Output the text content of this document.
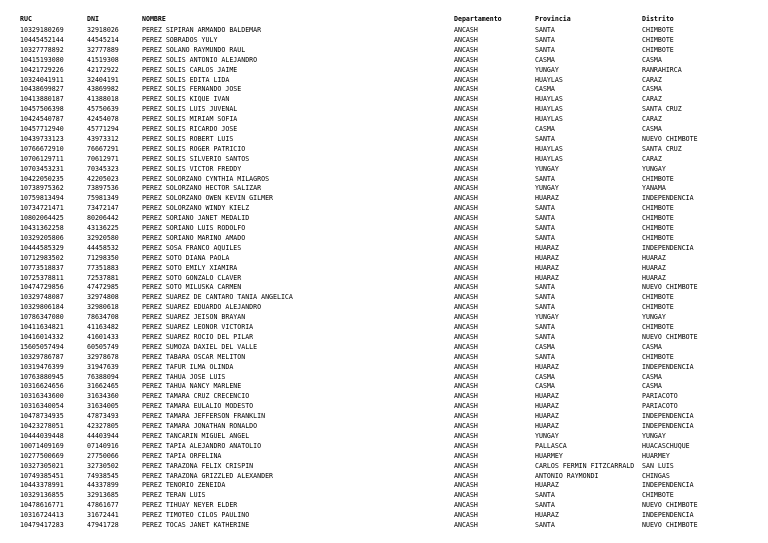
RUC	DNI	NOMBRE	Departamento	Provincia	Distrito
10329180269	32918026	PEREZ SIPIRAN ARMANDO BALDEMAR	ANCASH	SANTA	CHIMBOTE
10445452144	44545214	PEREZ SOBRADOS YULY	ANCASH	SANTA	CHIMBOTE
10327778892	32777889	PEREZ SOLANO RAYMUNDO RAUL	ANCASH	SANTA	CHIMBOTE
10415193080	41519308	PEREZ SOLIS ANTONIO ALEJANDRO	ANCASH	CASMA	CASMA
10421729226	42172922	PEREZ SOLIS CARLOS JAIME	ANCASH	YUNGAY	RANRAHIRCA
10324041911	32404191	PEREZ SOLIS EDITA LIDA	ANCASH	HUAYLAS	CARAZ
10438699827	43869982	PEREZ SOLIS FERNANDO JOSE	ANCASH	CASMA	CASMA
10413880187	41388018	PEREZ SOLIS KIQUE IVAN	ANCASH	HUAYLAS	CARAZ
10457506398	45750639	PEREZ SOLIS LUIS JUVENAL	ANCASH	HUAYLAS	SANTA CRUZ
10424540787	42454078	PEREZ SOLIS MIRIAM SOFIA	ANCASH	HUAYLAS	CARAZ
10457712940	45771294	PEREZ SOLIS RICARDO JOSE	ANCASH	CASMA	CASMA
10439733123	43973312	PEREZ SOLIS ROBERT LUIS	ANCASH	SANTA	NUEVO CHIMBOTE
10766672910	76667291	PEREZ SOLIS ROGER PATRICIO	ANCASH	HUAYLAS	SANTA CRUZ
10706129711	70612971	PEREZ SOLIS SILVERIO SANTOS	ANCASH	HUAYLAS	CARAZ
10703453231	70345323	PEREZ SOLIS VICTOR FREDDY	ANCASH	YUNGAY	YUNGAY
10422050235	42205023	PEREZ SOLORZANO CYNTHIA MILAGROS	ANCASH	SANTA	CHIMBOTE
10738975362	73897536	PEREZ SOLORZANO HECTOR SALIZAR	ANCASH	YUNGAY	YANAMA
10759813494	75981349	PEREZ SOLORZANO OWEN KEVIN GILMER	ANCASH	HUARAZ	INDEPENDENCIA
10734721471	73472147	PEREZ SOLORZANO WINDY KIELZ	ANCASH	SANTA	CHIMBOTE
10802064425	80206442	PEREZ SORIANO JANET MEDALID	ANCASH	SANTA	CHIMBOTE
10431362258	43136225	PEREZ SORIANO LUIS RODOLFO	ANCASH	SANTA	CHIMBOTE
10329205806	32920580	PEREZ SORIANO MARINO AMADO	ANCASH	SANTA	CHIMBOTE
10444585329	44458532	PEREZ SOSA FRANCO AQUILES	ANCASH	HUARAZ	INDEPENDENCIA
10712983502	71298350	PEREZ SOTO DIANA PAOLA	ANCASH	HUARAZ	HUARAZ
10773518837	77351883	PEREZ SOTO EMILY XIAMIRA	ANCASH	HUARAZ	HUARAZ
10725378811	72537881	PEREZ SOTO GONZALO CLAVER	ANCASH	HUARAZ	HUARAZ
10474729856	47472985	PEREZ SOTO MILUSKA CARMEN	ANCASH	SANTA	NUEVO CHIMBOTE
10329748087	32974808	PEREZ SUAREZ DE CANTARO TANIA ANGELICA	ANCASH	SANTA	CHIMBOTE
10329806184	32980618	PEREZ SUAREZ EDUARDO ALEJANDRO	ANCASH	SANTA	CHIMBOTE
10786347080	78634708	PEREZ SUAREZ JEISON BRAYAN	ANCASH	YUNGAY	YUNGAY
10411634821	41163482	PEREZ SUAREZ LEONOR VICTORIA	ANCASH	SANTA	CHIMBOTE
10416014332	41601433	PEREZ SUAREZ ROCIO DEL PILAR	ANCASH	SANTA	NUEVO CHIMBOTE
15605057494	60505749	PEREZ SUMOZA DAXIEL DEL VALLE	ANCASH	CASMA	CASMA
10329786787	32978678	PEREZ TABARA OSCAR MELITON	ANCASH	SANTA	CHIMBOTE
10319476399	31947639	PEREZ TAFUR ILMA OLINDA	ANCASH	HUARAZ	INDEPENDENCIA
10763880945	76388094	PEREZ TAHUA JOSE LUIS	ANCASH	CASMA	CASMA
10316624656	31662465	PEREZ TAHUA NANCY MARLENE	ANCASH	CASMA	CASMA
10316343600	31634360	PEREZ TAMARA CRUZ CRECENCIO	ANCASH	HUARAZ	PARIACOTO
10316340054	31634005	PEREZ TAMARA EULALIO MODESTO	ANCASH	HUARAZ	PARIACOTO
10478734935	47873493	PEREZ TAMARA JEFFERSON FRANKLIN	ANCASH	HUARAZ	INDEPENDENCIA
10423278051	42327805	PEREZ TAMARA JONATHAN RONALDO	ANCASH	HUARAZ	INDEPENDENCIA
10444039448	44403944	PEREZ TANCARIN MIGUEL ANGEL	ANCASH	YUNGAY	YUNGAY
10071409169	07140916	PEREZ TAPIA ALEJANDRO ANATOLIO	ANCASH	PALLASCA	HUACASCHUQUE
10277500669	27750066	PEREZ TAPIA ORFELINA	ANCASH	HUARMEY	HUARMEY
10327305021	32730502	PEREZ TARAZONA FELIX CRISPIN	ANCASH	CARLOS FERMIN FITZCARRALD	SAN LUIS
10749385451	74938545	PEREZ TARAZONA GRIZZLED ALEXANDER	ANCASH	ANTONIO RAYMONDI	CHINGAS
10443378991	44337899	PEREZ TENORIO ZENEIDA	ANCASH	HUARAZ	INDEPENDENCIA
10329136855	32913685	PEREZ TERAN LUIS	ANCASH	SANTA	CHIMBOTE
10478616771	47861677	PEREZ TIHUAY NEYER ELDER	ANCASH	SANTA	NUEVO CHIMBOTE
10316724413	31672441	PEREZ TIMOTEO CILOS PAULINO	ANCASH	HUARAZ	INDEPENDENCIA
10479417283	47941728	PEREZ TOCAS JANET KATHERINE	ANCASH	SANTA	NUEVO CHIMBOTE
